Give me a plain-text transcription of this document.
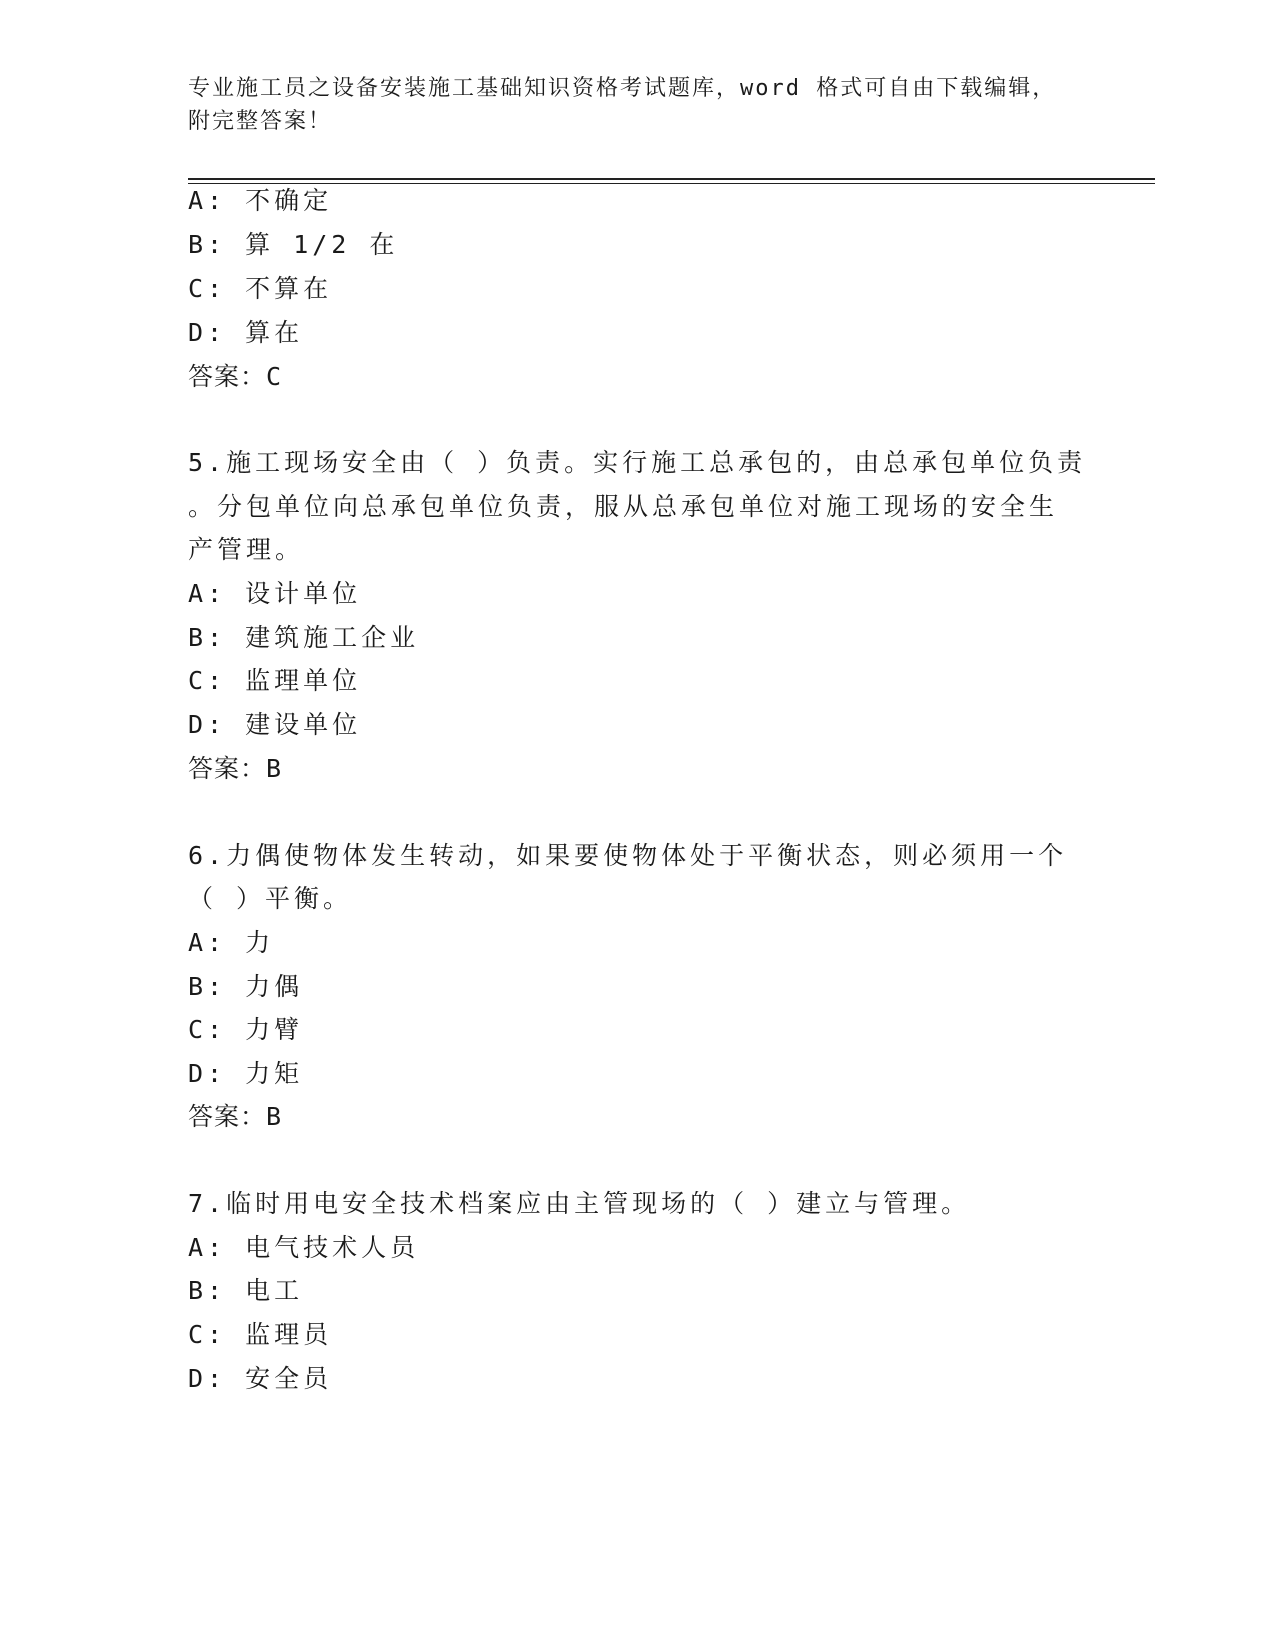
专业施工员之设备安装施工基础知识资格考试题库，word 格式可自由下载编辑，
附完整答案！
A: 不确定
B: 算 1/2 在
C: 不算在
D: 算在
答案：C
5.施工现场安全由（ ）负责。实行施工总承包的，由总承包单位负责
。分包单位向总承包单位负责，服从总承包单位对施工现场的安全生
产管理。
A: 设计单位
B: 建筑施工企业
C: 监理单位
D: 建设单位
答案：B
6.力偶使物体发生转动，如果要使物体处于平衡状态，则必须用一个
（ ）平衡。
A: 力
B: 力偶
C: 力臂
D: 力矩
答案：B
7.临时用电安全技术档案应由主管现场的（ ）建立与管理。
A: 电气技术人员
B: 电工
C: 监理员
D: 安全员
